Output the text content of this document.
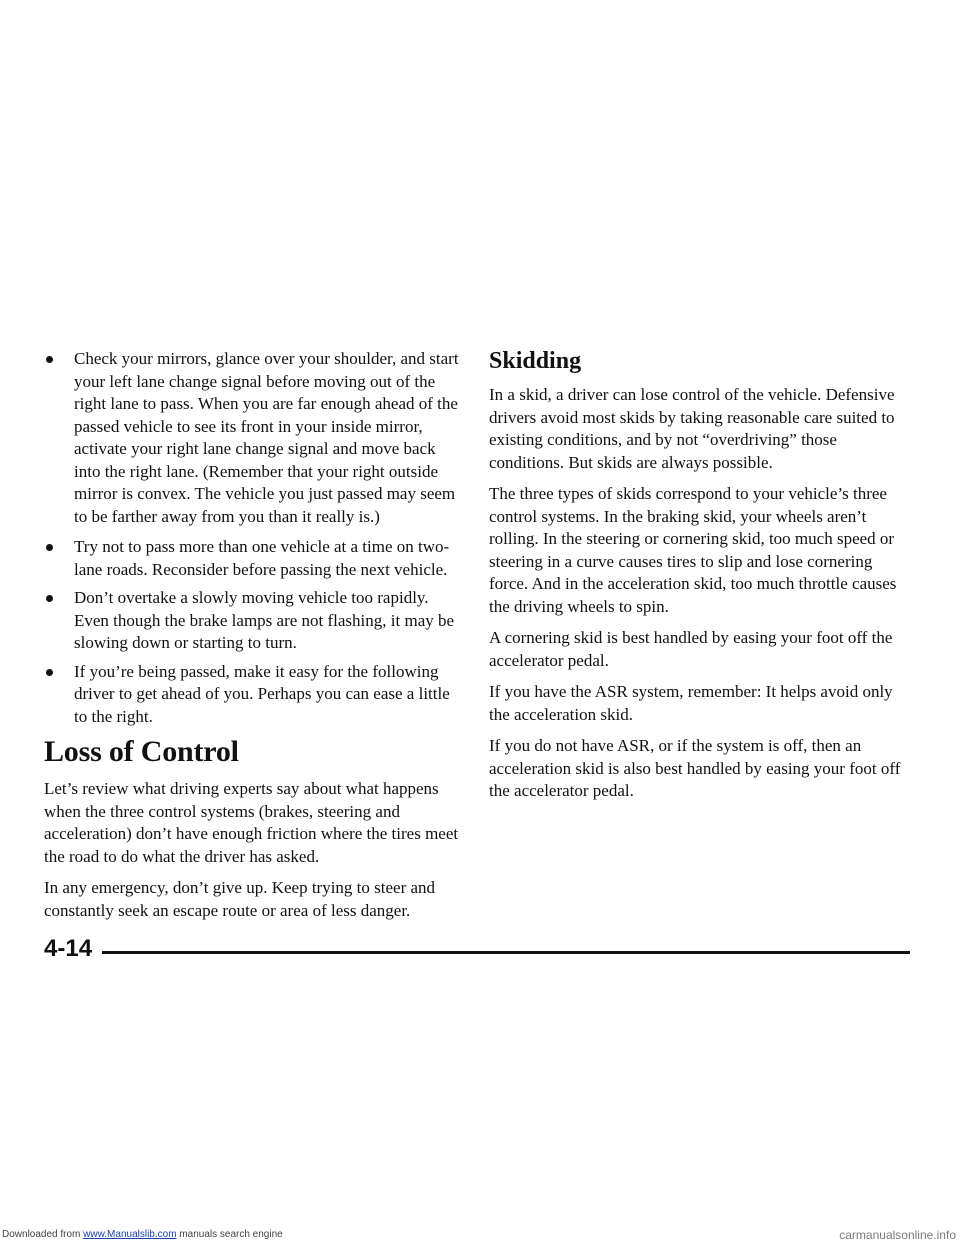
Check your mirrors, glance over your shoulder, and start your left lane change signal before moving out of the right lane to pass. When you are far enough ahead of the passed vehicle to see its front in your inside mirror, activate your right lane change signal and move back into the right lane. (Remember that your right outside mirror is convex. The vehicle you just passed may seem to be farther away from you than it really is.)
Try not to pass more than one vehicle at a time on two-lane roads. Reconsider before passing the next vehicle.
Don’t overtake a slowly moving vehicle too rapidly. Even though the brake lamps are not flashing, it may be slowing down or starting to turn.
If you’re being passed, make it easy for the following driver to get ahead of you. Perhaps you can ease a little to the right.
Loss of Control

Let’s review what driving experts say about what happens when the three control systems (brakes, steering and acceleration) don’t have enough friction where the tires meet the road to do what the driver has asked.

In any emergency, don’t give up. Keep trying to steer and constantly seek an escape route or area of less danger.

Skidding

In a skid, a driver can lose control of the vehicle. Defensive drivers avoid most skids by taking reasonable care suited to existing conditions, and by not “overdriving” those conditions. But skids are always possible.

The three types of skids correspond to your vehicle’s three control systems. In the braking skid, your wheels aren’t rolling. In the steering or cornering skid, too much speed or steering in a curve causes tires to slip and lose cornering force. And in the acceleration skid, too much throttle causes the driving wheels to spin.

A cornering skid is best handled by easing your foot off the accelerator pedal.

If you have the ASR system, remember: It helps avoid only the acceleration skid.

If you do not have ASR, or if the system is off, then an acceleration skid is also best handled by easing your foot off the accelerator pedal.

4-14
Downloaded from www.Manualslib.com manuals search engine	carmanualsonline.info
